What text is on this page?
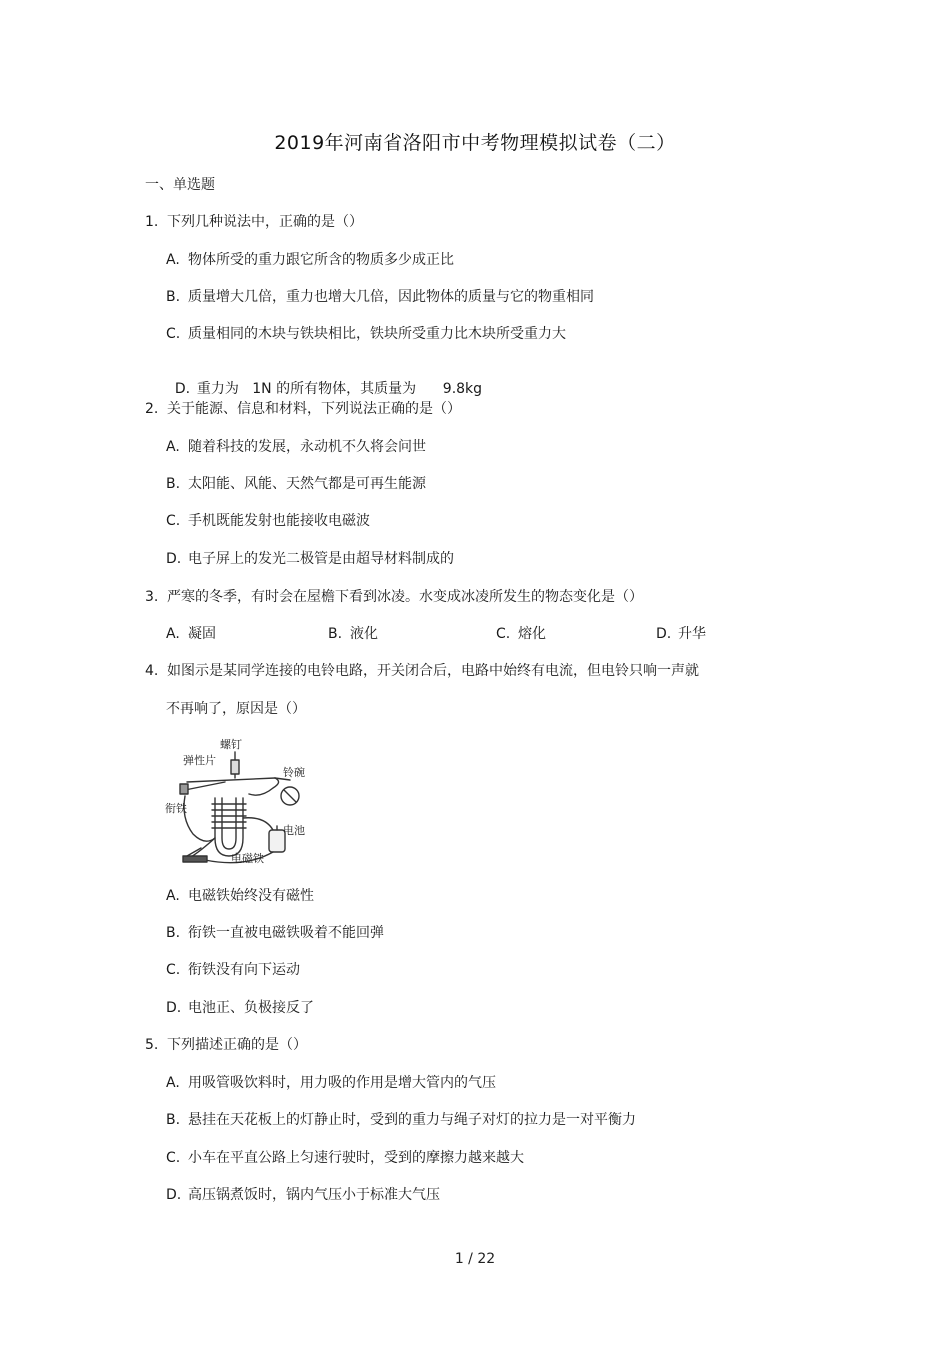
2019年河南省洛阳市中考物理模拟试卷（二）
一、单选题
1. 下列几种说法中，正确的是（）
A. 物体所受的重力跟它所含的物质多少成正比
B. 质量增大几倍，重力也增大几倍，因此物体的质量与它的物重相同
C. 质量相同的木块与铁块相比，铁块所受重力比木块所受重力大

D. 重力为   1N 的所有物体，其质量为      9.8kg

2. 关于能源、信息和材料，下列说法正确的是（）
A. 随着科技的发展，永动机不久将会问世
B. 太阳能、风能、天然气都是可再生能源
C. 手机既能发射也能接收电磁波
D. 电子屏上的发光二极管是由超导材料制成的
3. 严寒的冬季，有时会在屋檐下看到冰凌。水变成冰凌所发生的物态变化是（）
A. 凝固	B. 液化	C. 熔化	D. 升华
4. 如图示是某同学连接的电铃电路，开关闭合后，电路中始终有电流，但电铃只响一声就
不再响了，原因是（）
螺钉
弹性片
铃碗
衔铁
电池
电磁铁
A. 电磁铁始终没有磁性
B. 衔铁一直被电磁铁吸着不能回弹
C. 衔铁没有向下运动
D. 电池正、负极接反了
5. 下列描述正确的是（）
A. 用吸管吸饮料时，用力吸的作用是增大管内的气压
B. 悬挂在天花板上的灯静止时，受到的重力与绳子对灯的拉力是一对平衡力
C. 小车在平直公路上匀速行驶时，受到的摩擦力越来越大
D. 高压锅煮饭时，锅内气压小于标准大气压
1 / 22
